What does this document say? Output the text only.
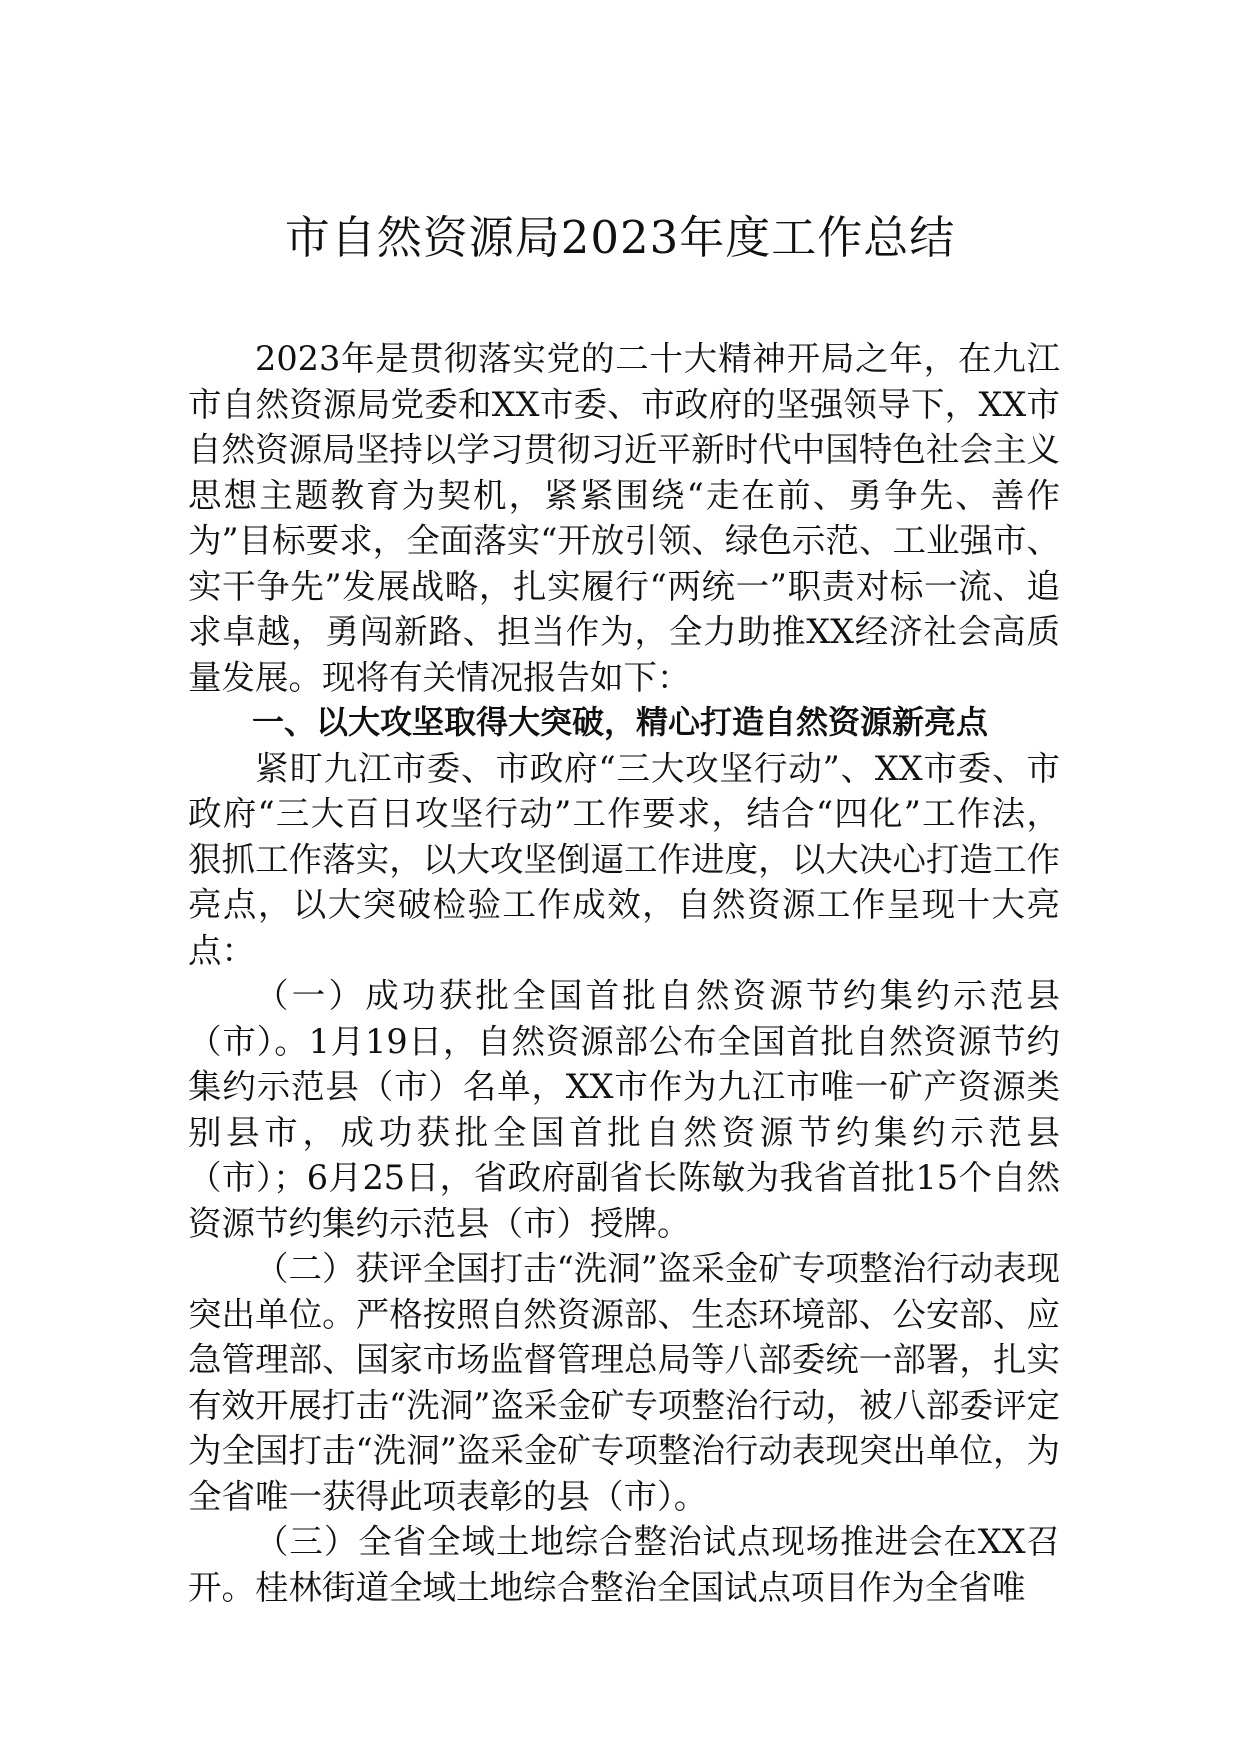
市自然资源局2023年度工作总结

2023年是贯彻落实党的二十大精神开局之年，在九江市自然资源局党委和XX市委、市政府的坚强领导下，XX市自然资源局坚持以学习贯彻习近平新时代中国特色社会主义思想主题教育为契机，紧紧围绕“走在前、勇争先、善作为”目标要求，全面落实“开放引领、绿色示范、工业强市、实干争先”发展战略，扎实履行“两统一”职责对标一流、追求卓越，勇闯新路、担当作为，全力助推XX经济社会高质量发展。现将有关情况报告如下：

一、以大攻坚取得大突破，精心打造自然资源新亮点

紧盯九江市委、市政府“三大攻坚行动”、XX市委、市政府“三大百日攻坚行动”工作要求，结合“四化”工作法，狠抓工作落实，以大攻坚倒逼工作进度，以大决心打造工作亮点，以大突破检验工作成效，自然资源工作呈现十大亮点：

（一）成功获批全国首批自然资源节约集约示范县（市）。1月19日，自然资源部公布全国首批自然资源节约集约示范县（市）名单，XX市作为九江市唯一矿产资源类别县市，成功获批全国首批自然资源节约集约示范县（市）；6月25日，省政府副省长陈敏为我省首批15个自然资源节约集约示范县（市）授牌。

（二）获评全国打击“洗洞”盗采金矿专项整治行动表现突出单位。严格按照自然资源部、生态环境部、公安部、应急管理部、国家市场监督管理总局等八部委统一部署，扎实有效开展打击“洗洞”盗采金矿专项整治行动，被八部委评定为全国打击“洗洞”盗采金矿专项整治行动表现突出单位，为全省唯一获得此项表彰的县（市）。

（三）全省全域土地综合整治试点现场推进会在XX召开。桂林街道全域土地综合整治全国试点项目作为全省唯
